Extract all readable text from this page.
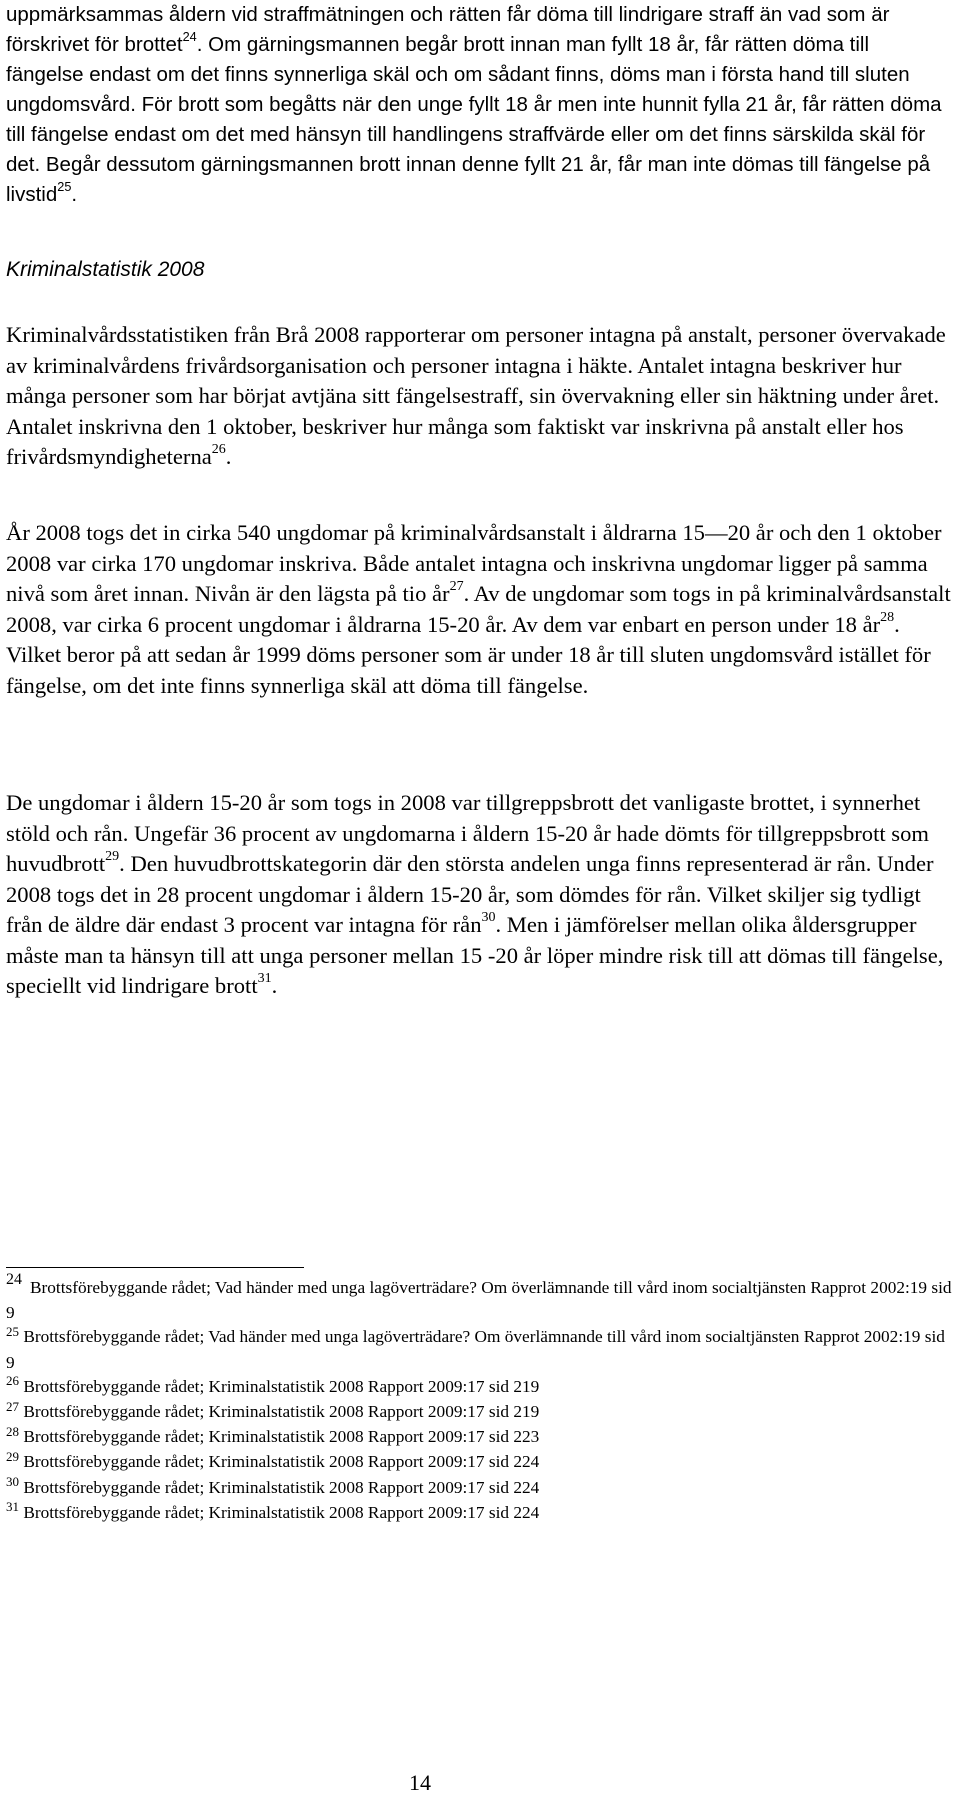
uppmärksammas åldern vid straffmätningen och rätten får döma till lindrigare straff än vad som är förskrivet för brottet$^{24}$. Om gärningsmannen begår brott innan man fyllt 18 år, får rätten döma till fängelse endast om det finns synnerliga skäl och om sådant finns, döms man i första hand till sluten ungdomsvård. För brott som begåtts när den unge fyllt 18 år men inte hunnit fylla 21 år, får rätten döma till fängelse endast om det med hänsyn till handlingens straffvärde eller om det finns särskilda skäl för det. Begår dessutom gärningsmannen brott innan denne fyllt 21 år, får man inte dömas till fängelse på livstid$^{25}$.

Kriminalstatistik 2008

Kriminalvårdsstatistiken från Brå 2008 rapporterar om personer intagna på anstalt, personer övervakade av kriminalvårdens frivårdsorganisation och personer intagna i häkte. Antalet intagna beskriver hur många personer som har börjat avtjäna sitt fängelsestraff, sin övervakning eller sin häktning under året. Antalet inskrivna den 1 oktober, beskriver hur många som faktiskt var inskrivna på anstalt eller hos frivårdsmyndigheterna$^{26}$.

År 2008 togs det in cirka 540 ungdomar på kriminalvårdsanstalt i åldrarna 15—20 år och den 1 oktober 2008 var cirka 170 ungdomar inskriva. Både antalet intagna och inskrivna ungdomar ligger på samma nivå som året innan. Nivån är den lägsta på tio $år^{27}$. Av de ungdomar som togs in på kriminalvårdsanstalt 2008, var cirka 6 procent ungdomar i åldrarna 15-20 år. Av dem var enbart en person under 18 $år^{28}$. Vilket beror på att sedan år 1999 döms personer som är under 18 år till sluten ungdomsvård istället för fängelse, om det inte finns synnerliga skäl att döma till fängelse.

De ungdomar i åldern 15-20 år som togs in 2008 var tillgreppsbrott det vanligaste brottet, i synnerhet stöld och rån. Ungefär 36 procent av ungdomarna i åldern 15-20 år hade dömts för tillgreppsbrott som huvudbrott$^{29}$. Den huvudbrottskategorin där den största andelen unga finns representerad är rån. Under 2008 togs det in 28 procent ungdomar i åldern 15-20 år, som dömdes för rån. Vilket skiljer sig tydligt från de äldre där endast 3 procent var intagna för rån$^{30}$. Men i jämförelser mellan olika åldersgrupper måste man ta hänsyn till att unga personer mellan 15 -20 år löper mindre risk till att dömas till fängelse, speciellt vid lindrigare brott$^{31}$.

24 Brottsförebyggande rådet; Vad händer med unga lagöverträdare? Om överlämnande till vård inom socialtjänsten Rapprot 2002:19 sid 9
$^{25}$ Brottsförebyggande rådet; Vad händer med unga lagöverträdare? Om överlämnande till vård inom socialtjänsten Rapprot 2002:19 sid 9
$^{26}$ Brottsförebyggande rådet; Kriminalstatistik 2008 Rapport 2009:17 sid 219
$^{27}$ Brottsförebyggande rådet; Kriminalstatistik 2008 Rapport 2009:17 sid 219
$^{28}$ Brottsförebyggande rådet; Kriminalstatistik 2008 Rapport 2009:17 sid 223
$^{29}$ Brottsförebyggande rådet; Kriminalstatistik 2008 Rapport 2009:17 sid 224
$^{30}$ Brottsförebyggande rådet; Kriminalstatistik 2008 Rapport 2009:17 sid 224
$^{31}$ Brottsförebyggande rådet; Kriminalstatistik 2008 Rapport 2009:17 sid 224
14
